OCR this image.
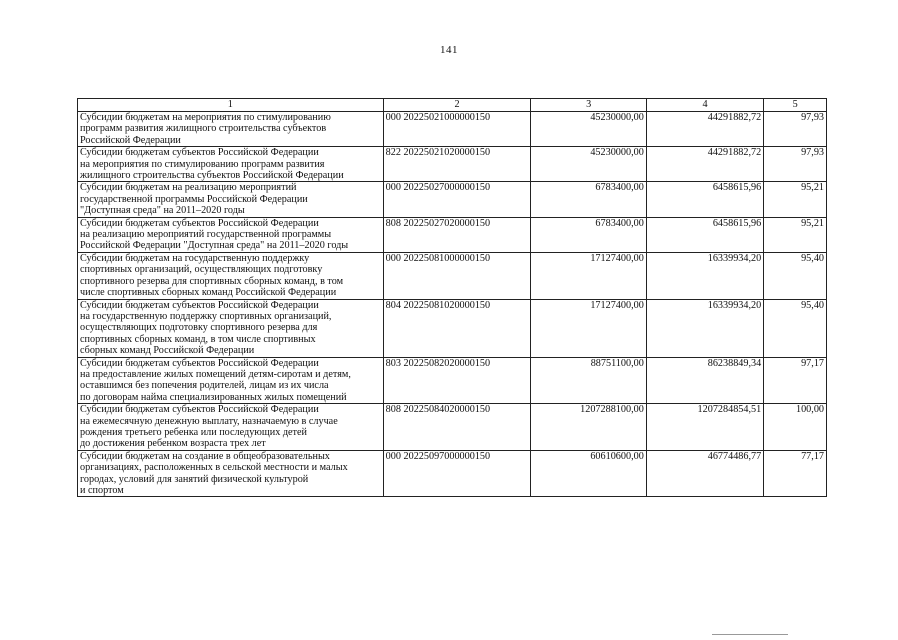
141
1	2	3	4	5

Субсидии бюджетам на мероприятия по стимулированию
программ развития жилищного строительства субъектов
Российской Федерации	000 20225021000000150	45230000,00	44291882,72	97,93

Субсидии бюджетам субъектов Российской Федерации
на мероприятия по стимулированию программ развития
жилищного строительства субъектов Российской Федерации	822 20225021020000150	45230000,00	44291882,72	97,93

Субсидии бюджетам на реализацию мероприятий
государственной программы Российской Федерации
"Доступная среда" на 2011–2020 годы	000 20225027000000150	6783400,00	6458615,96	95,21

Субсидии бюджетам субъектов Российской Федерации
на реализацию мероприятий государственной программы
Российской Федерации "Доступная среда" на 2011–2020 годы	808 20225027020000150	6783400,00	6458615,96	95,21

Субсидии бюджетам на государственную поддержку
спортивных организаций, осуществляющих подготовку
спортивного резерва для спортивных сборных команд, в том
числе спортивных сборных команд Российской Федерации	000 20225081000000150	17127400,00	16339934,20	95,40

Субсидии бюджетам субъектов Российской Федерации
на государственную поддержку спортивных организаций,
осуществляющих подготовку спортивного резерва для
спортивных сборных команд, в том числе спортивных
сборных команд Российской Федерации	804 20225081020000150	17127400,00	16339934,20	95,40

Субсидии бюджетам субъектов Российской Федерации
на предоставление жилых помещений детям-сиротам и детям,
оставшимся без попечения родителей, лицам из их числа
по договорам найма специализированных жилых помещений	803 20225082020000150	88751100,00	86238849,34	97,17

Субсидии бюджетам субъектов Российской Федерации
на ежемесячную денежную выплату, назначаемую в случае
рождения третьего ребенка или последующих детей
до достижения ребенком возраста трех лет	808 20225084020000150	1207288100,00	1207284854,51	100,00

Субсидии бюджетам на создание в общеобразовательных
организациях, расположенных в сельской местности и малых
городах, условий для занятий физической культурой
и спортом	000 20225097000000150	60610600,00	46774486,77	77,17
